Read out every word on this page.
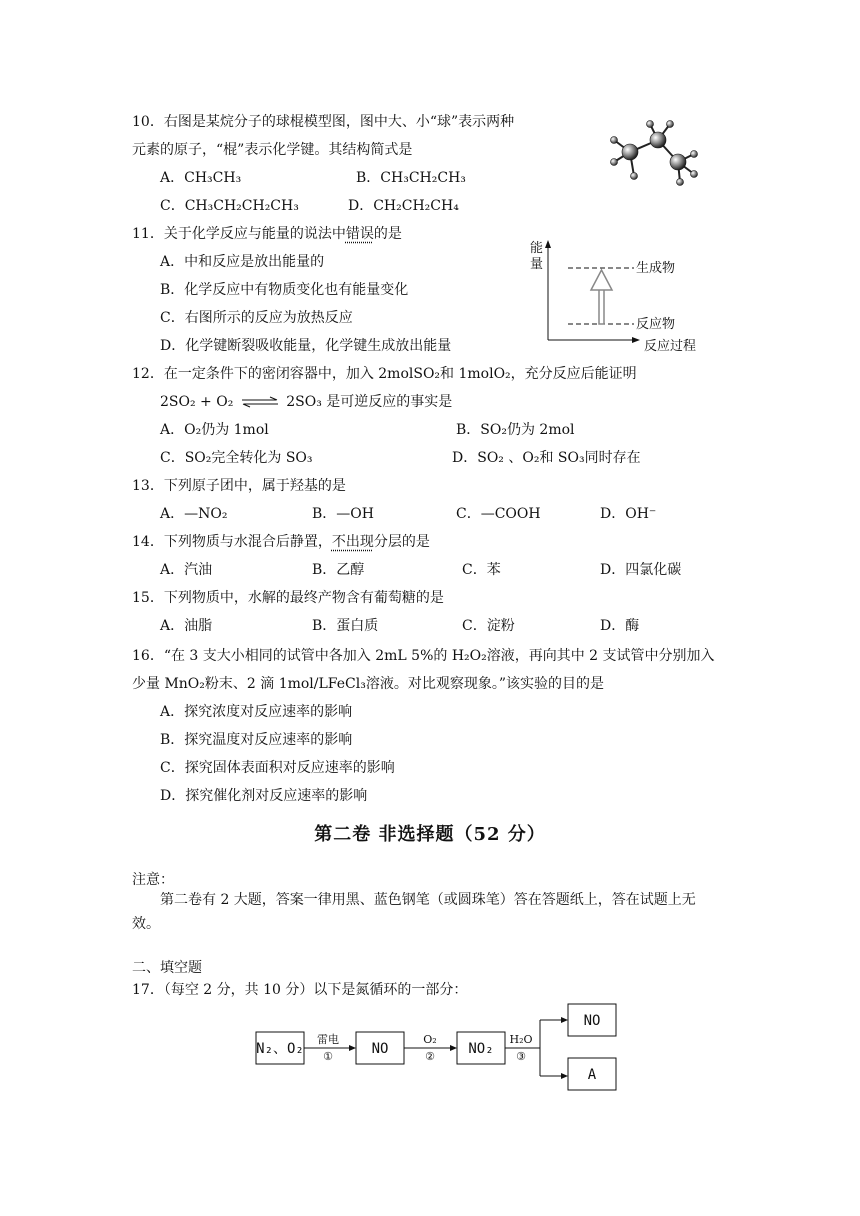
10．右图是某烷分子的球棍模型图，图中大、小“球”表示两种
元素的原子，“棍”表示化学键。其结构简式是
A．CH₃CH₃	B．CH₃CH₂CH₃
C．CH₃CH₂CH₂CH₃	D．CH₂CH₂CH₄
11．关于化学反应与能量的说法中错误的是
A．中和反应是放出能量的
B．化学反应中有物质变化也有能量变化
C．右图所示的反应为放热反应
D．化学键断裂吸收能量，化学键生成放出能量
能
量	生成物
反应物
反应过程
12．在一定条件下的密闭容器中，加入 2molSO₂和 1molO₂，充分反应后能证明
2SO₂ + O₂ ⇌ 2SO₃ 是可逆反应的事实是
A．O₂仍为 1mol	B．SO₂仍为 2mol
C．SO₂完全转化为 SO₃	D．SO₂ 、O₂和 SO₃同时存在
13．下列原子团中，属于羟基的是
A．—NO₂	B．—OH	C．—COOH	D．OH⁻
14．下列物质与水混合后静置，不出现分层的是
A．汽油	B．乙醇	C．苯	D．四氯化碳
15．下列物质中，水解的最终产物含有葡萄糖的是
A．油脂	B．蛋白质	C．淀粉	D．酶
16．“在 3 支大小相同的试管中各加入 2mL 5%的 H₂O₂溶液，再向其中 2 支试管中分别加入
少量 MnO₂粉末、2 滴 1mol/LFeCl₃溶液。对比观察现象。”该实验的目的是
A．探究浓度对反应速率的影响
B．探究温度对反应速率的影响
C．探究固体表面积对反应速率的影响
D．探究催化剂对反应速率的影响
第二卷 非选择题（52 分）
注意：
第二卷有 2 大题，答案一律用黑、蓝色钢笔（或圆珠笔）答在答题纸上，答在试题上无
效。
二、填空题
17．（每空 2 分，共 10 分）以下是氮循环的一部分：
N₂、O₂	NO	NO₂
NO
A
雷电
①
O₂
②
H₂O
③
